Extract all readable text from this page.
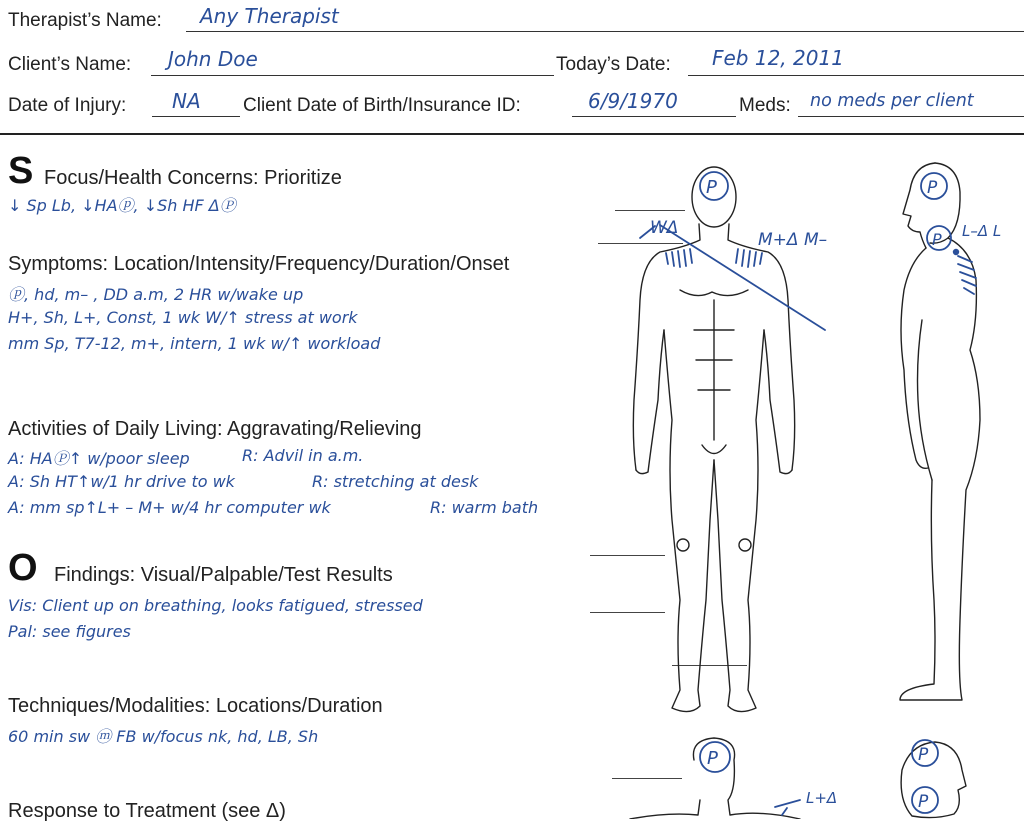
Therapist’s Name: Any Therapist
Client’s Name: John Doe	Today’s Date: Feb 12, 2011
Date of Injury: NA Client Date of Birth/Insurance ID:	6/9/1970	Meds: no meds per client
S Focus/Health Concerns: Prioritize
↓ Sp Lb, ↓HAⓟ, ↓Sh HF ΔⓅ
Symptoms: Location/Intensity/Frequency/Duration/Onset
ⓟ, hd, m– , DD a.m, 2 HR w/wake up
H+, Sh, L+, Const, 1 wk W/↑ stress at work
mm Sp, T7-12, m+, intern, 1 wk w/↑ workload
Activities of Daily Living: Aggravating/Relieving
A: HAⓅ↑ w/poor sleep	R: Advil in a.m.
A: Sh HT↑w/1 hr drive to wk	R: stretching at desk
A: mm sp↑L+ – M+ w/4 hr computer wk	R: warm bath
O Findings: Visual/Palpable/Test Results
Vis: Client up on breathing, looks fatigued, stressed
Pal: see figures
Techniques/Modalities: Locations/Duration
60 min sw ⓜ FB w/focus nk, hd, LB, Sh
Response to Treatment (see Δ)
P	P
P
WΔ
M+Δ M–	L–Δ L
L+Δ
P	P
P
